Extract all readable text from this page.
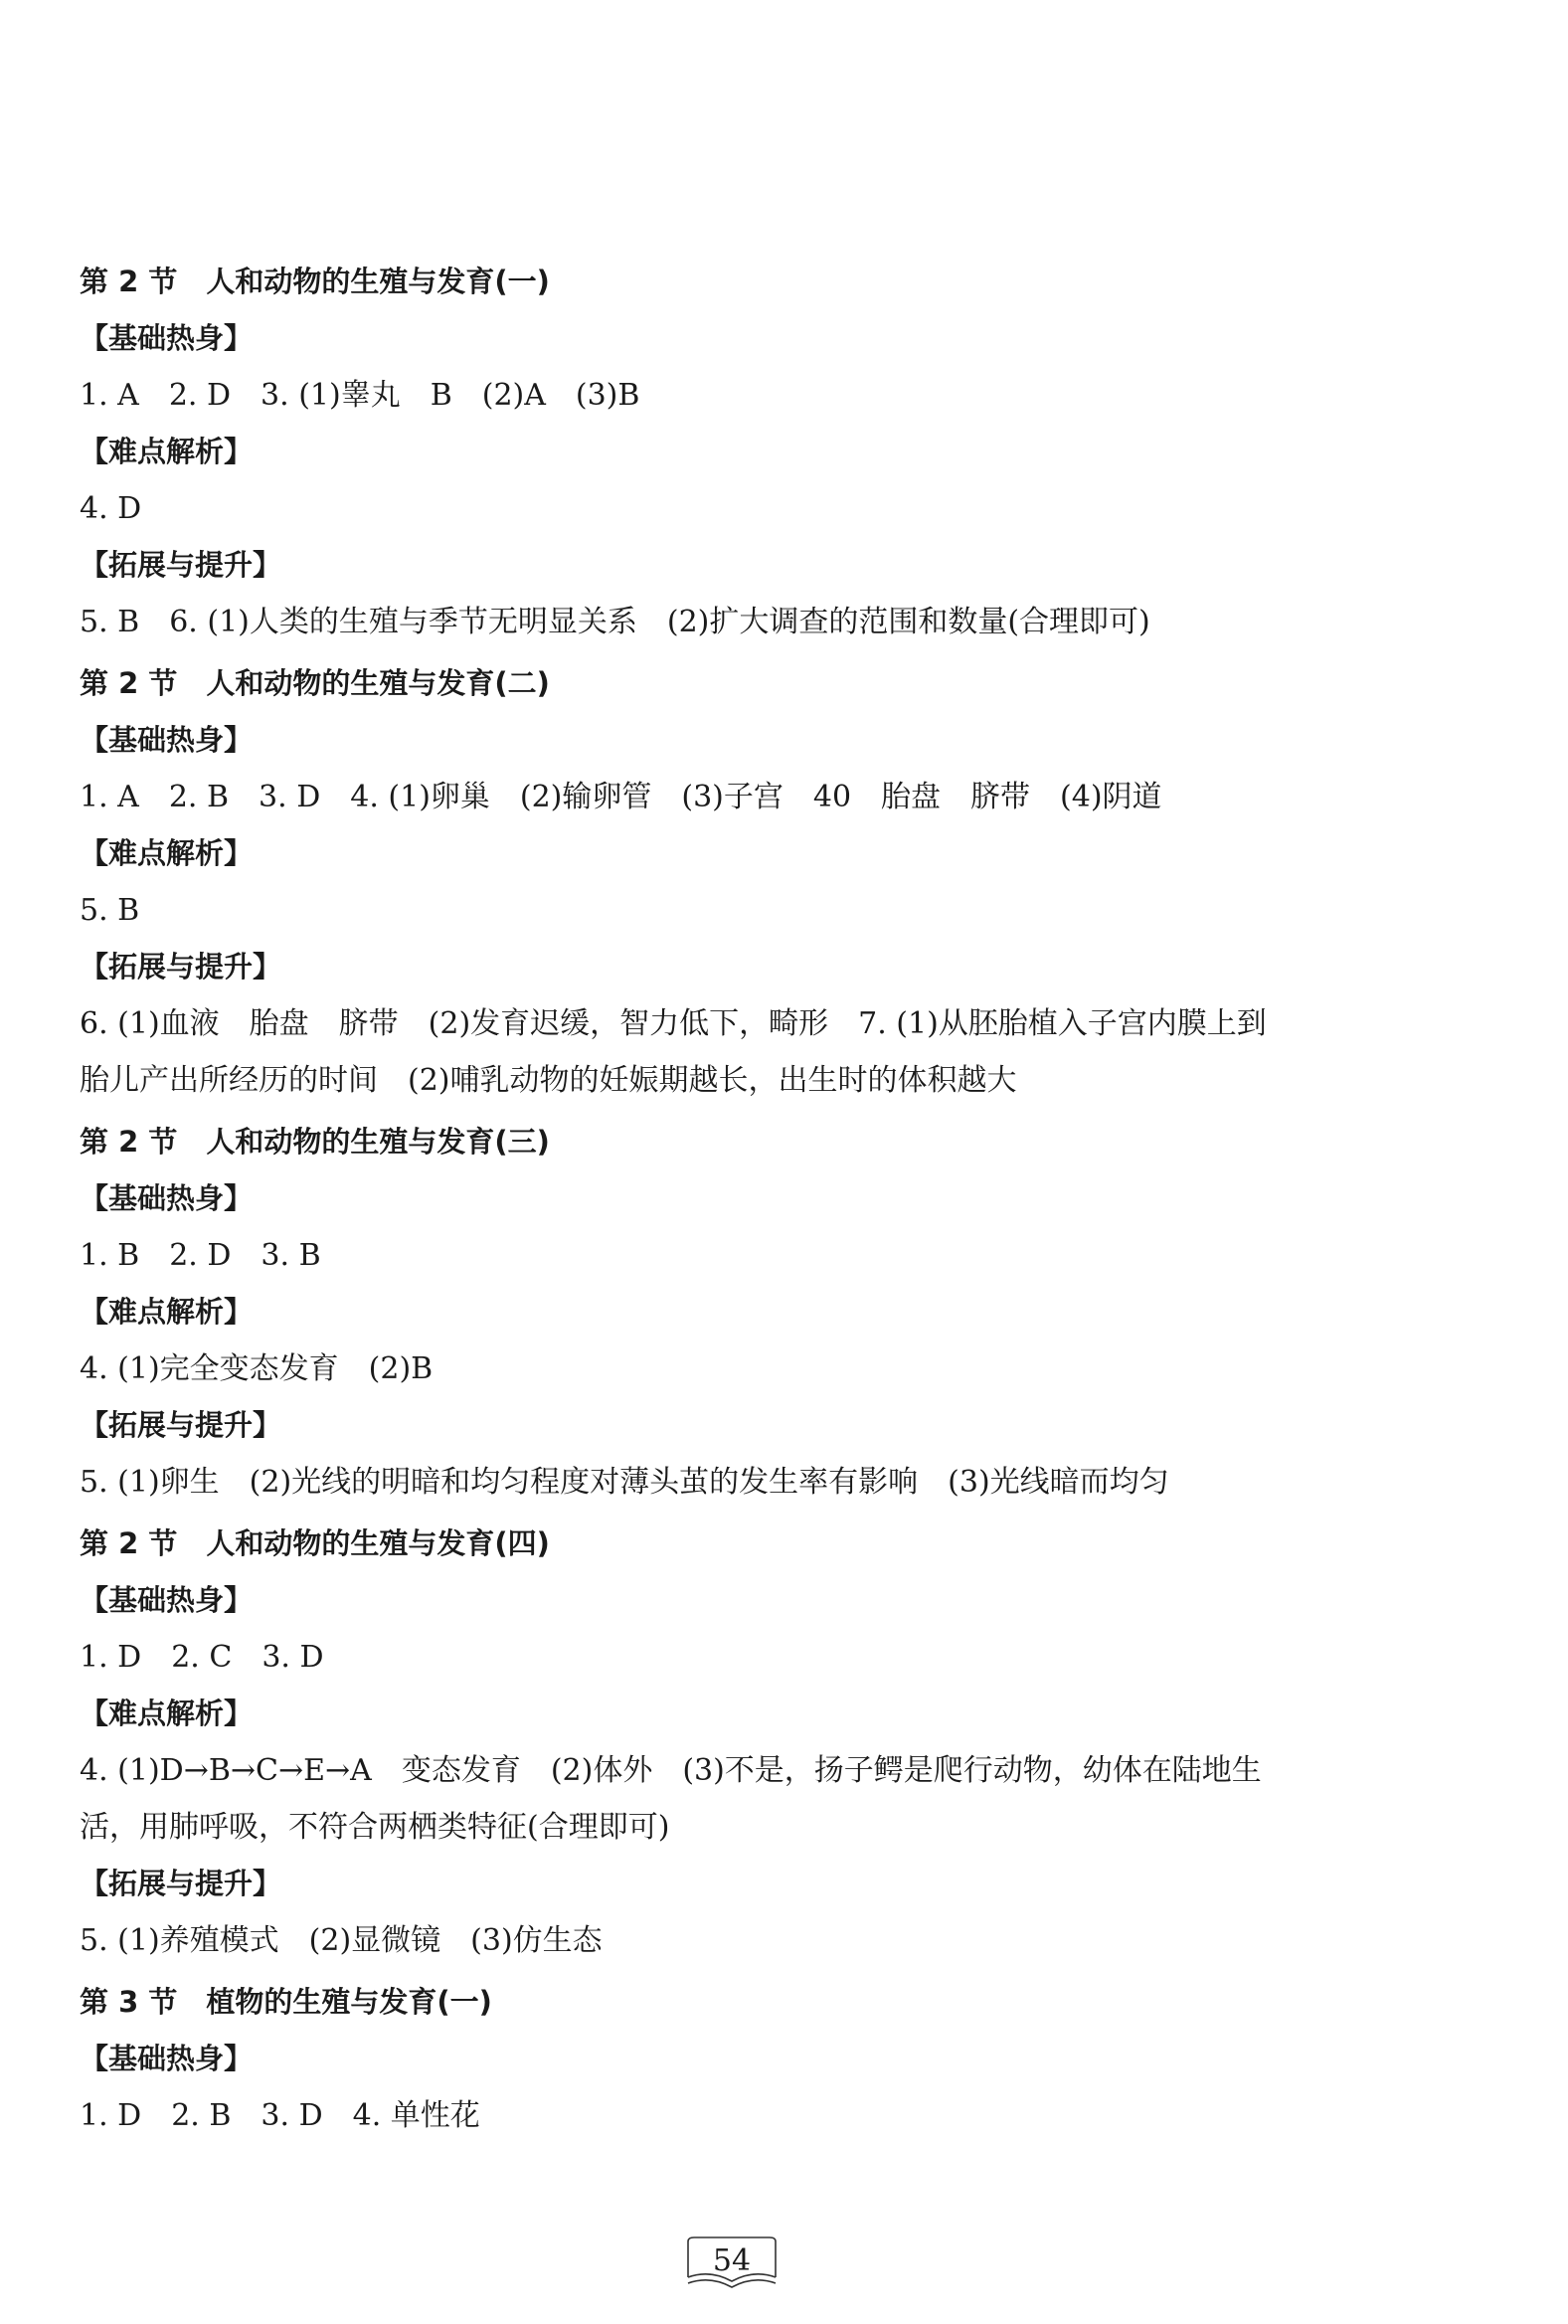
第 2 节　人和动物的生殖与发育(一)
【基础热身】
1. A　2. D　3. (1)睾丸　B　(2)A　(3)B
【难点解析】
4. D
【拓展与提升】
5. B　6. (1)人类的生殖与季节无明显关系　(2)扩大调查的范围和数量(合理即可)
第 2 节　人和动物的生殖与发育(二)
【基础热身】
1. A　2. B　3. D　4. (1)卵巢　(2)输卵管　(3)子宫　40　胎盘　脐带　(4)阴道
【难点解析】
5. B
【拓展与提升】
6. (1)血液　胎盘　脐带　(2)发育迟缓，智力低下，畸形　7. (1)从胚胎植入子宫内膜上到
胎儿产出所经历的时间　(2)哺乳动物的妊娠期越长，出生时的体积越大
第 2 节　人和动物的生殖与发育(三)
【基础热身】
1. B　2. D　3. B
【难点解析】
4. (1)完全变态发育　(2)B
【拓展与提升】
5. (1)卵生　(2)光线的明暗和均匀程度对薄头茧的发生率有影响　(3)光线暗而均匀
第 2 节　人和动物的生殖与发育(四)
【基础热身】
1. D　2. C　3. D
【难点解析】
4. (1)D→B→C→E→A　变态发育　(2)体外　(3)不是，扬子鳄是爬行动物，幼体在陆地生
活，用肺呼吸，不符合两栖类特征(合理即可)
【拓展与提升】
5. (1)养殖模式　(2)显微镜　(3)仿生态
第 3 节　植物的生殖与发育(一)
【基础热身】
1. D　2. B　3. D　4. 单性花
54
